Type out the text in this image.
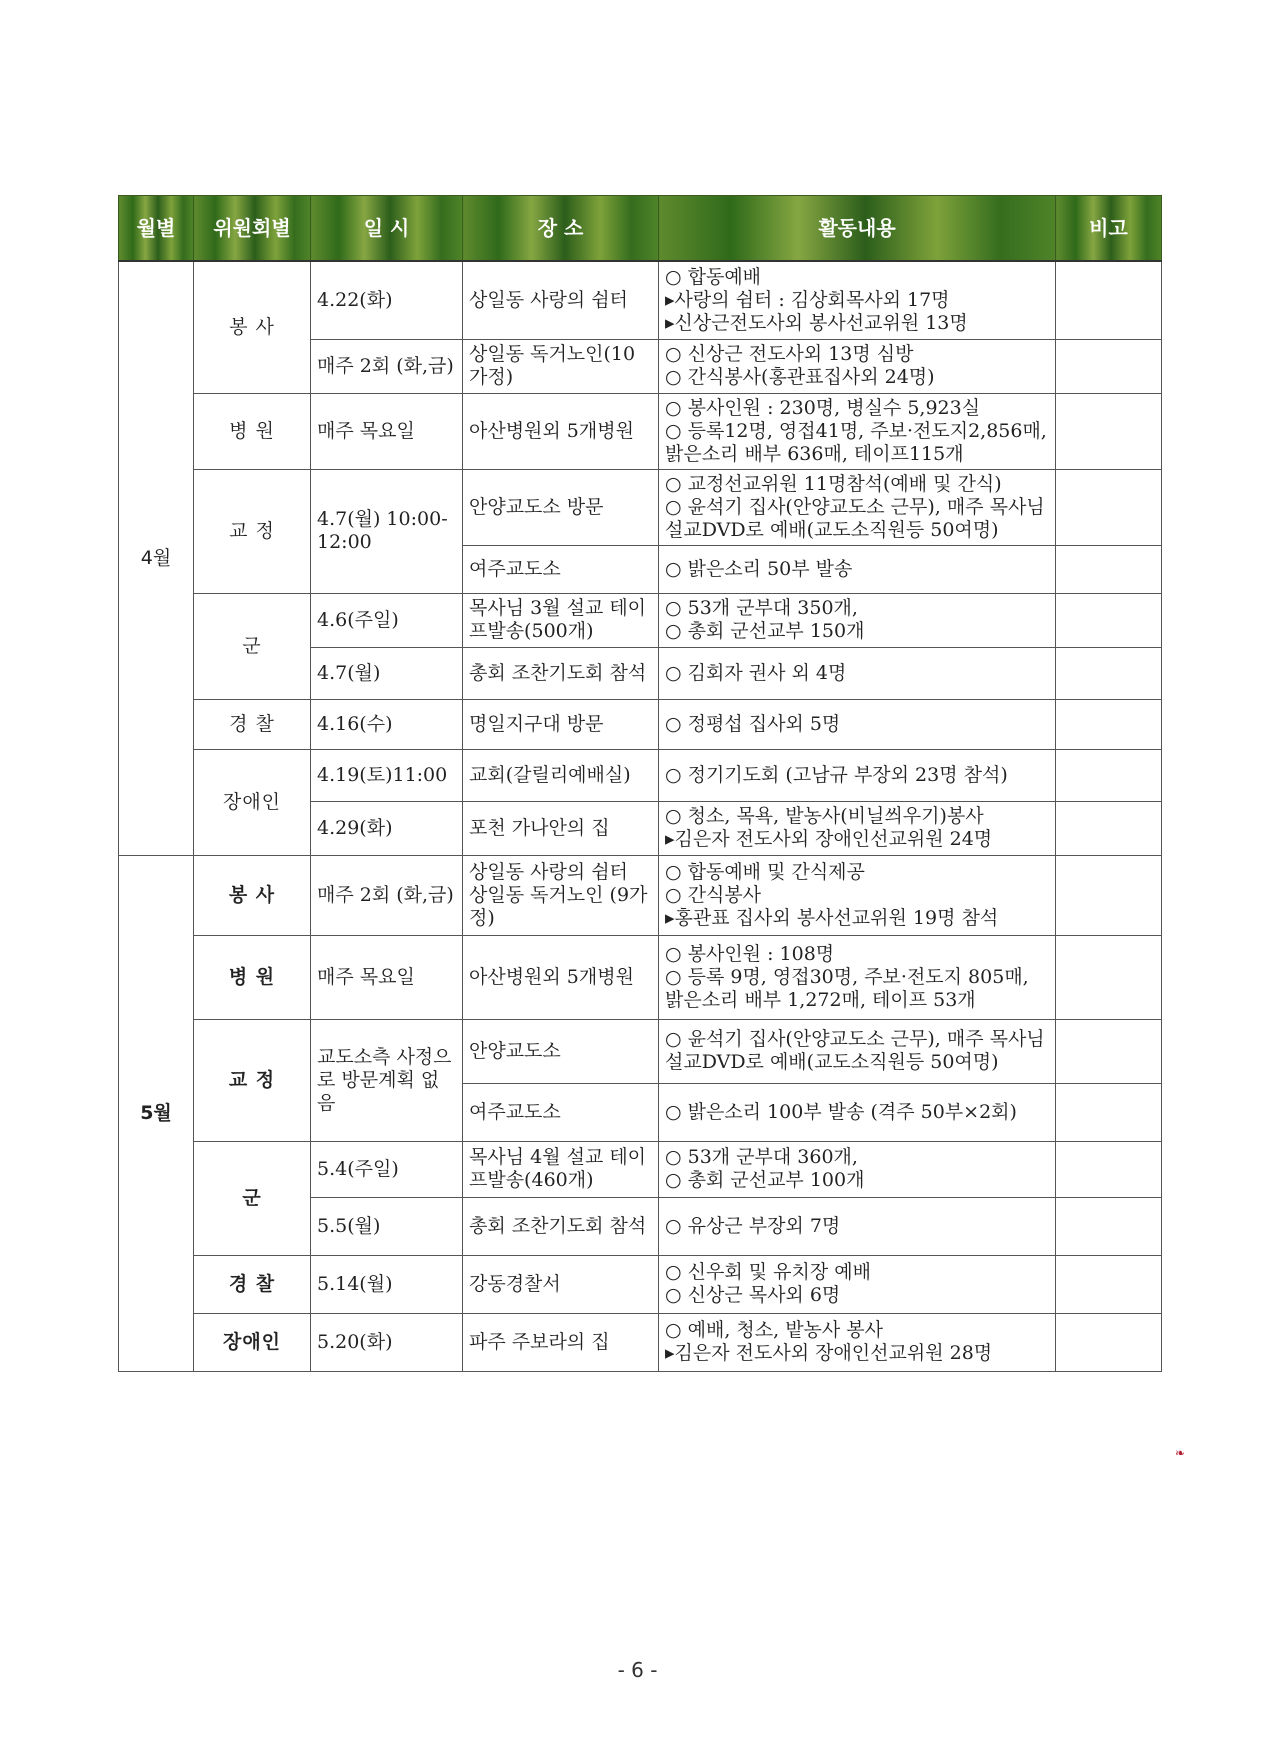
월별	위원회별	일 시	장 소	활동내용	비고
4월	봉 사	4.22(화)	상일동 사랑의 쉼터	○ 합동예배
▸사랑의 쉼터 : 김상회목사외 17명
▸신상근전도사외 봉사선교위원 13명	

		매주 2회 (화,금)	상일동 독거노인(10가정)	○ 신상근 전도사외 13명 심방
○ 간식봉사(홍관표집사외 24명)	

	병 원	매주 목요일	아산병원외 5개병원	○ 봉사인원 : 230명, 병실수 5,923실
○ 등록12명, 영접41명, 주보·전도지2,856매, 밝은소리 배부 636매, 테이프115개	

	교 정	4.7(월) 10:00-12:00	안양교도소 방문	○ 교정선교위원 11명참석(예배 및 간식)
○ 윤석기 집사(안양교도소 근무), 매주 목사님 설교DVD로 예배(교도소직원등 50여명)	

			여주교도소	○ 밝은소리 50부 발송	

	군	4.6(주일)	목사님 3월 설교 테이프발송(500개)	○ 53개 군부대 350개,
○ 총회 군선교부 150개	

		4.7(월)	총회 조찬기도회 참석	○ 김회자 권사 외 4명	

	경 찰	4.16(수)	명일지구대 방문	○ 정평섭 집사외 5명	

	장애인	4.19(토)11:00	교회(갈릴리예배실)	○ 정기기도회 (고남규 부장외 23명 참석)	

		4.29(화)	포천 가나안의 집	○ 청소, 목욕, 밭농사(비닐씌우기)봉사
▸김은자 전도사외 장애인선교위원 24명	

5월	봉 사	매주 2회 (화,금)	상일동 사랑의 쉼터 상일동 독거노인 (9가정)	○ 합동예배 및 간식제공
○ 간식봉사
▸홍관표 집사외 봉사선교위원 19명 참석	

	병 원	매주 목요일	아산병원외 5개병원	○ 봉사인원 : 108명
○ 등록 9명, 영접30명, 주보·전도지 805매, 밝은소리 배부 1,272매, 테이프 53개	

	교 정	교도소측 사정으로 방문계획 없음	안양교도소	○ 윤석기 집사(안양교도소 근무), 매주 목사님 설교DVD로 예배(교도소직원등 50여명)	

			여주교도소	○ 밝은소리 100부 발송 (격주 50부×2회)	

	군	5.4(주일)	목사님 4월 설교 테이프발송(460개)	○ 53개 군부대 360개,
○ 총회 군선교부 100개	

		5.5(월)	총회 조찬기도회 참석	○ 유상근 부장외 7명	

	경 찰	5.14(월)	강동경찰서	○ 신우회 및 유치장 예배
○ 신상근 목사외 6명	

	장애인	5.20(화)	파주 주보라의 집	○ 예배, 청소, 밭농사 봉사
▸김은자 전도사외 장애인선교위원 28명	

- 6 -
❧
